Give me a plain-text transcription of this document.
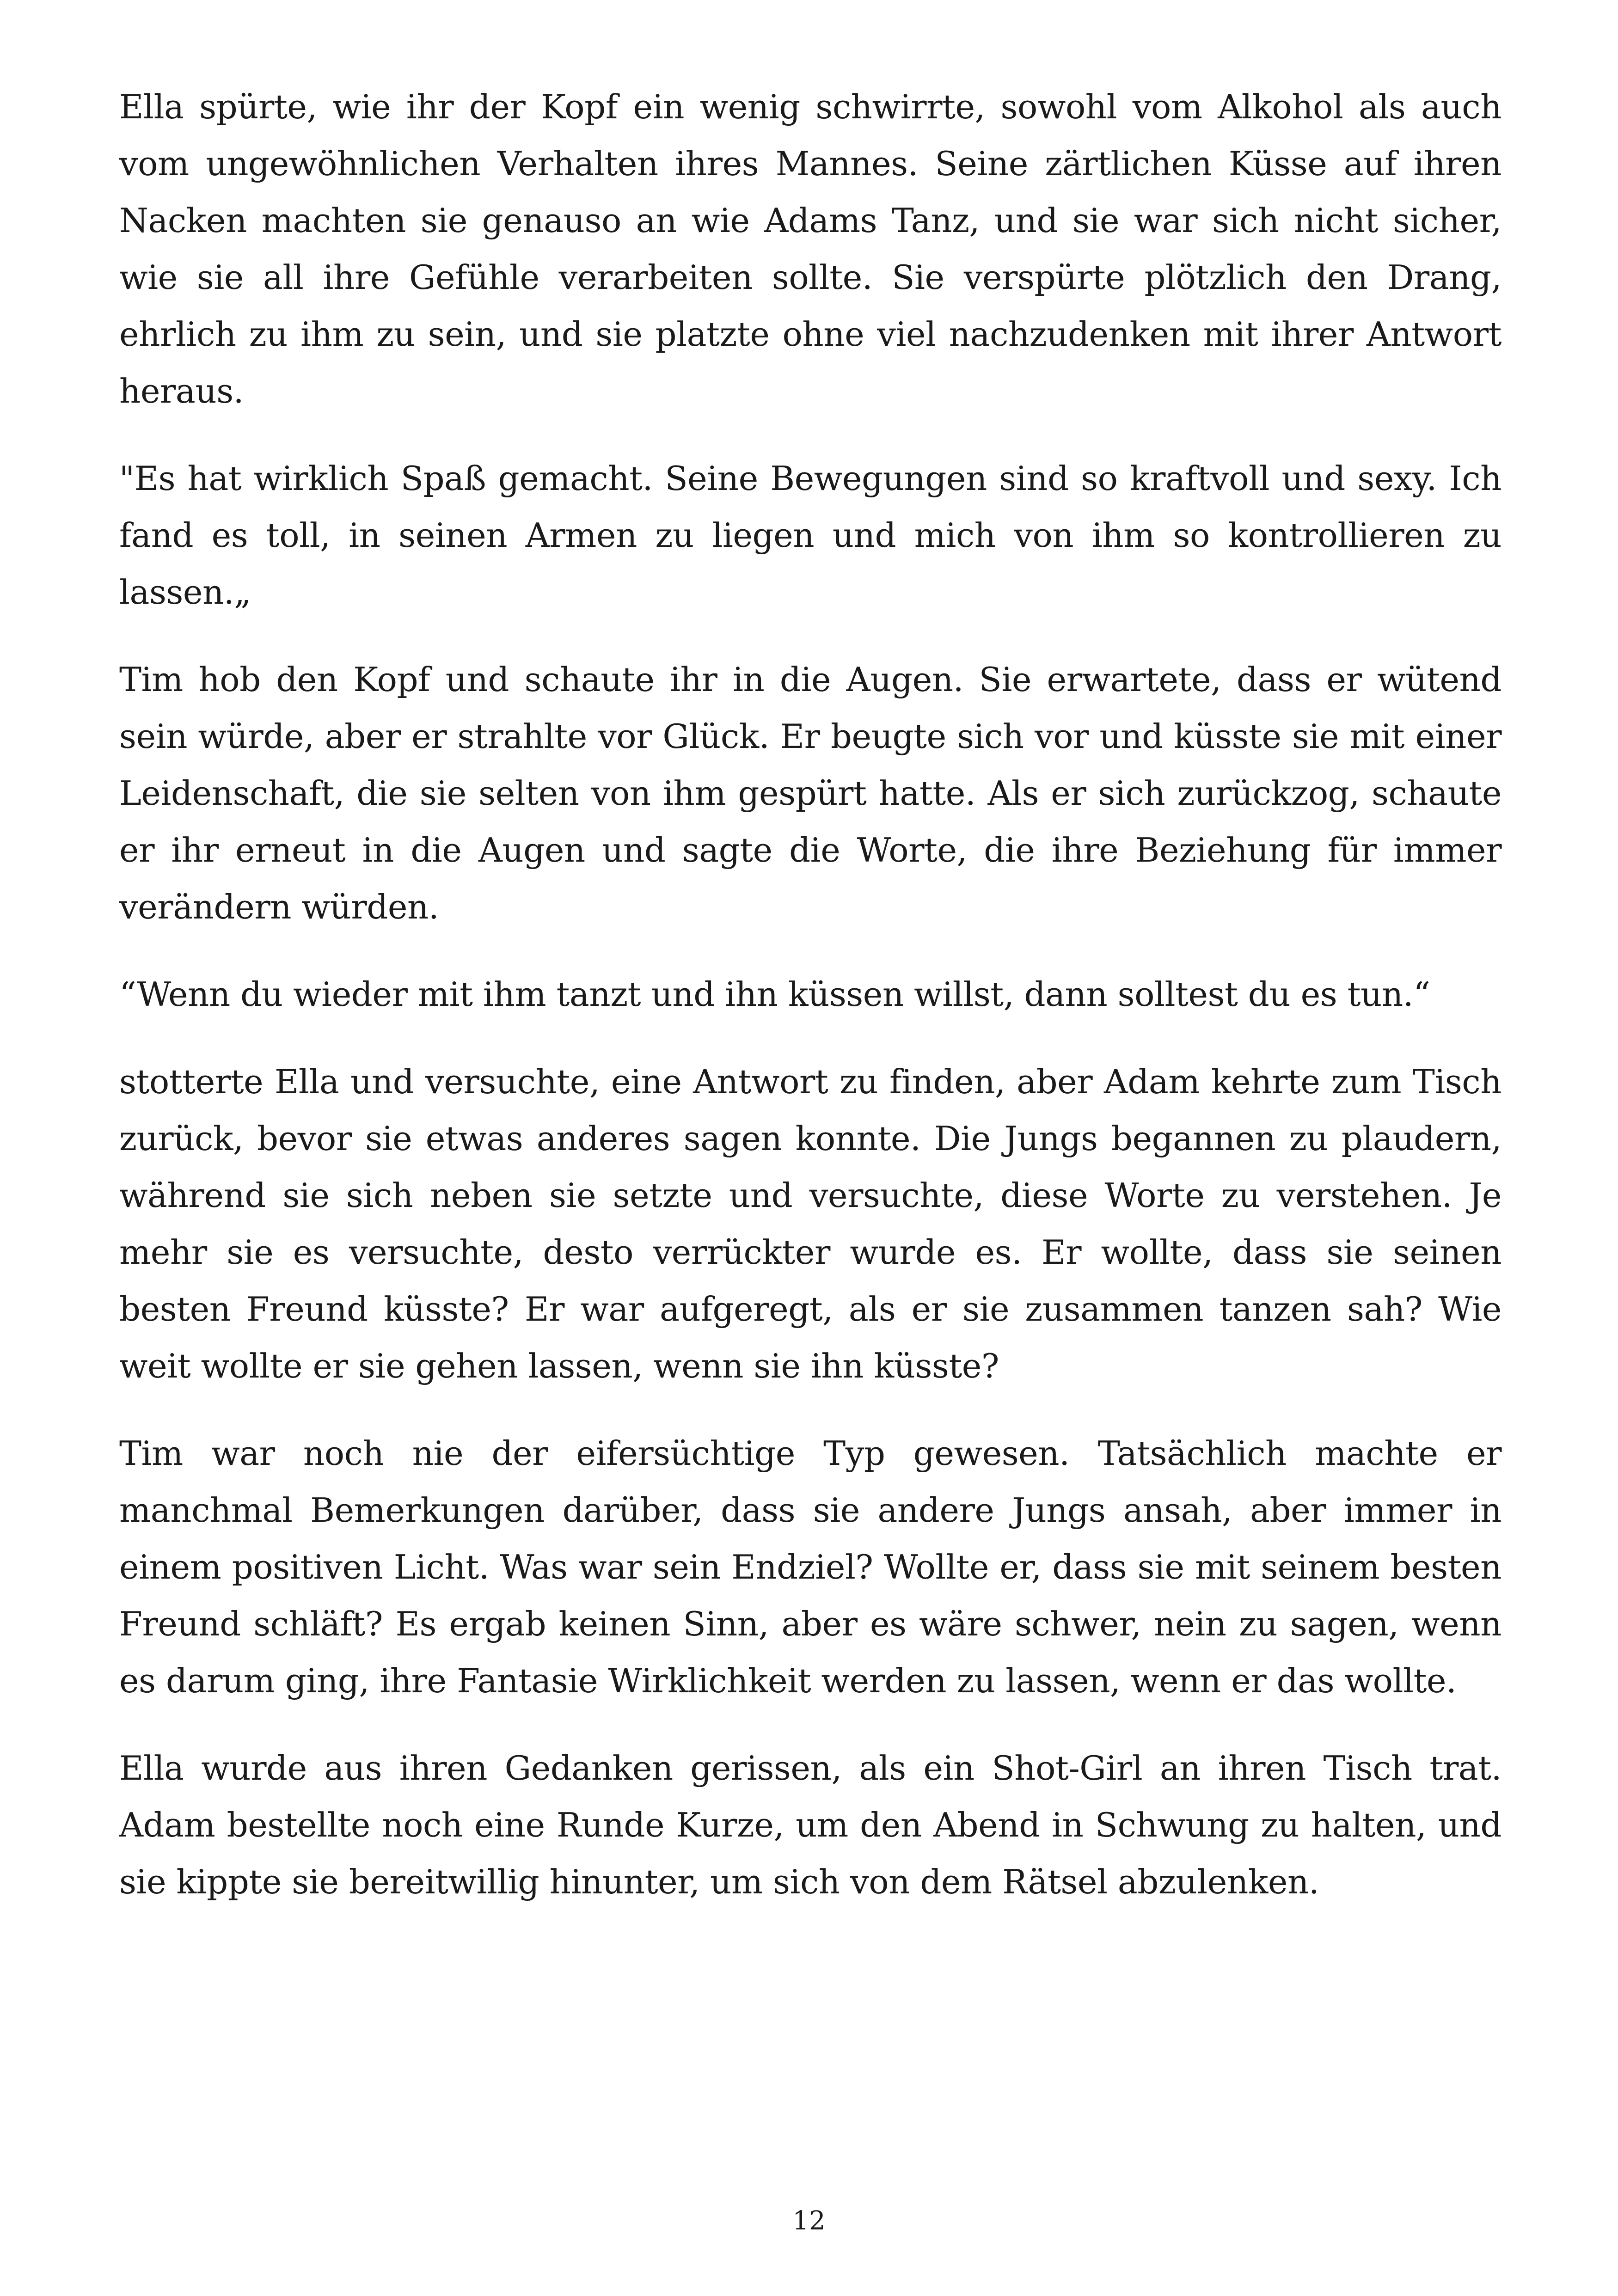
Ella spürte, wie ihr der Kopf ein wenig schwirrte, sowohl vom Alkohol als auch vom ungewöhnlichen Verhalten ihres Mannes. Seine zärtlichen Küsse auf ihren Nacken machten sie genauso an wie Adams Tanz, und sie war sich nicht sicher, wie sie all ihre Gefühle verarbeiten sollte. Sie verspürte plötzlich den Drang, ehrlich zu ihm zu sein, und sie platzte ohne viel nachzudenken mit ihrer Antwort heraus.

"Es hat wirklich Spaß gemacht. Seine Bewegungen sind so kraftvoll und sexy. Ich fand es toll, in seinen Armen zu liegen und mich von ihm so kontrollieren zu lassen.„

Tim hob den Kopf und schaute ihr in die Augen. Sie erwartete, dass er wütend sein würde, aber er strahlte vor Glück. Er beugte sich vor und küsste sie mit einer Leidenschaft, die sie selten von ihm gespürt hatte. Als er sich zurückzog, schaute er ihr erneut in die Augen und sagte die Worte, die ihre Beziehung für immer verändern würden.

“Wenn du wieder mit ihm tanzt und ihn küssen willst, dann solltest du es tun.“

stotterte Ella und versuchte, eine Antwort zu finden, aber Adam kehrte zum Tisch zurück, bevor sie etwas anderes sagen konnte. Die Jungs begannen zu plaudern, während sie sich neben sie setzte und versuchte, diese Worte zu verstehen. Je mehr sie es versuchte, desto verrückter wurde es. Er wollte, dass sie seinen besten Freund küsste? Er war aufgeregt, als er sie zusammen tanzen sah? Wie weit wollte er sie gehen lassen, wenn sie ihn küsste?

Tim war noch nie der eifersüchtige Typ gewesen. Tatsächlich machte er manchmal Bemerkungen darüber, dass sie andere Jungs ansah, aber immer in einem positiven Licht. Was war sein Endziel? Wollte er, dass sie mit seinem besten Freund schläft? Es ergab keinen Sinn, aber es wäre schwer, nein zu sagen, wenn es darum ging, ihre Fantasie Wirklichkeit werden zu lassen, wenn er das wollte.

Ella wurde aus ihren Gedanken gerissen, als ein Shot-Girl an ihren Tisch trat. Adam bestellte noch eine Runde Kurze, um den Abend in Schwung zu halten, und sie kippte sie bereitwillig hinunter, um sich von dem Rätsel abzulenken.

12
